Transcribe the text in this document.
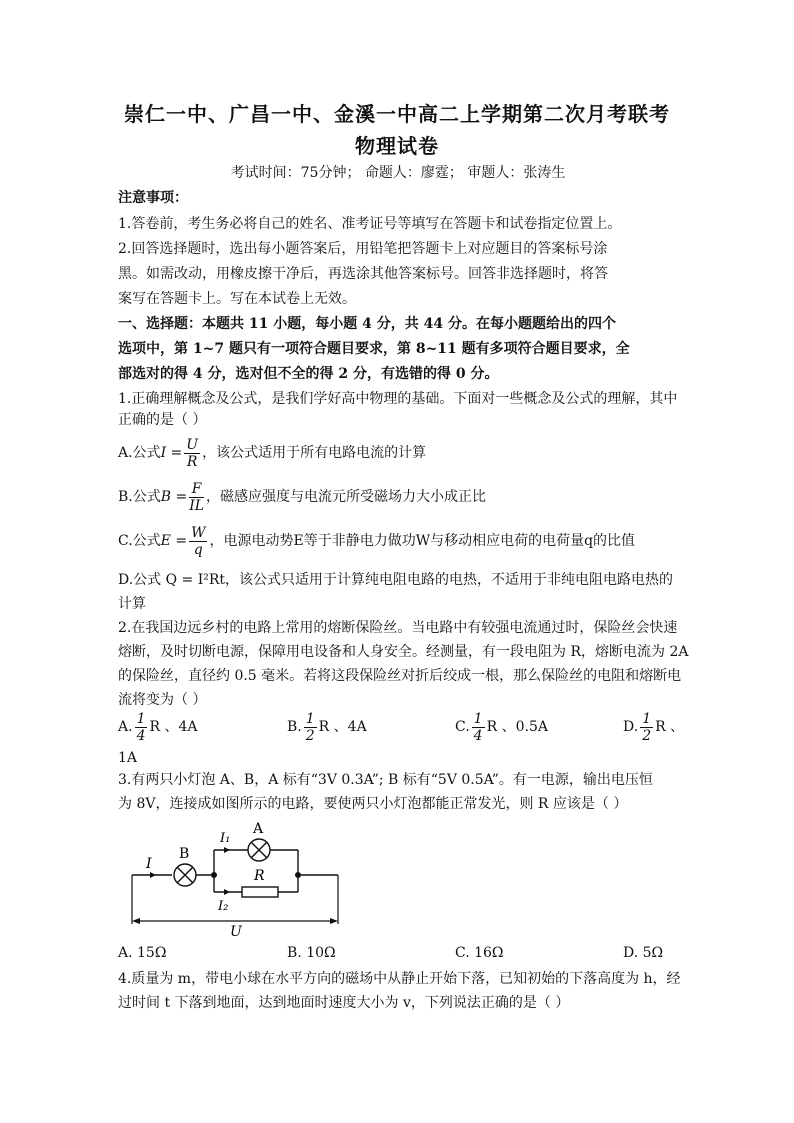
崇仁一中、广昌一中、金溪一中高二上学期第二次月考联考
物理试卷
考试时间：75分钟； 命题人：廖霆； 审题人：张涛生
注意事项：
1.答卷前，考生务必将自己的姓名、准考证号等填写在答题卡和试卷指定位置上。
2.回答选择题时，选出每小题答案后，用铅笔把答题卡上对应题目的答案标号涂
黑。如需改动，用橡皮擦干净后，再选涂其他答案标号。回答非选择题时，将答
案写在答题卡上。写在本试卷上无效。
一、选择题：本题共 11 小题，每小题 4 分，共 44 分。在每小题题给出的四个
选项中，第 1~7 题只有一项符合题目要求，第 8~11 题有多项符合题目要求，全
部选对的得 4 分，选对但不全的得 2 分，有选错的得 0 分。
1.正确理解概念及公式，是我们学好高中物理的基础。下面对一些概念及公式的理解，其中
正确的是（ ）
A.公式$I = \frac{U}{R}$ ，该公式适用于所有电路电流的计算
B.公式$B = \frac{F}{IL}$ ，磁感应强度与电流元所受磁场力大小成正比
C.公式$E = \frac{W}{q}$ ，电源电动势E等于非静电力做功W与移动相应电荷的电荷量q的比值
D.公式 Q = I²Rt，该公式只适用于计算纯电阻电路的电热，不适用于非纯电阻电路电热的
计算
2.在我国边远乡村的电路上常用的熔断保险丝。当电路中有较强电流通过时，保险丝会快速
熔断，及时切断电源，保障用电设备和人身安全。经测量，有一段电阻为 R，熔断电流为 2A
的保险丝，直径约 0.5 毫米。若将这段保险丝对折后绞成一根，那么保险丝的电阻和熔断电
流将变为（ ）
A. $\frac{1}{4}$ R 、4A	B. $\frac{1}{2}$ R 、4A	C. $\frac{1}{4}$ R 、0.5A	D. $\frac{1}{2}$ R 、
1A
3.有两只小灯泡 A、B，A 标有“3V 0.3A”; B 标有“5V 0.5A”。有一电源，输出电压恒
为 8V，连接成如图所示的电路，要使两只小灯泡都能正常发光，则 R 应该是（ ）
I
B
I₁
A
I₂
R
U
A. 15Ω	B. 10Ω	C. 16Ω	D. 5Ω
4.质量为 m，带电小球在水平方向的磁场中从静止开始下落，已知初始的下落高度为 h，经
过时间 t 下落到地面，达到地面时速度大小为 v，下列说法正确的是（ ）
